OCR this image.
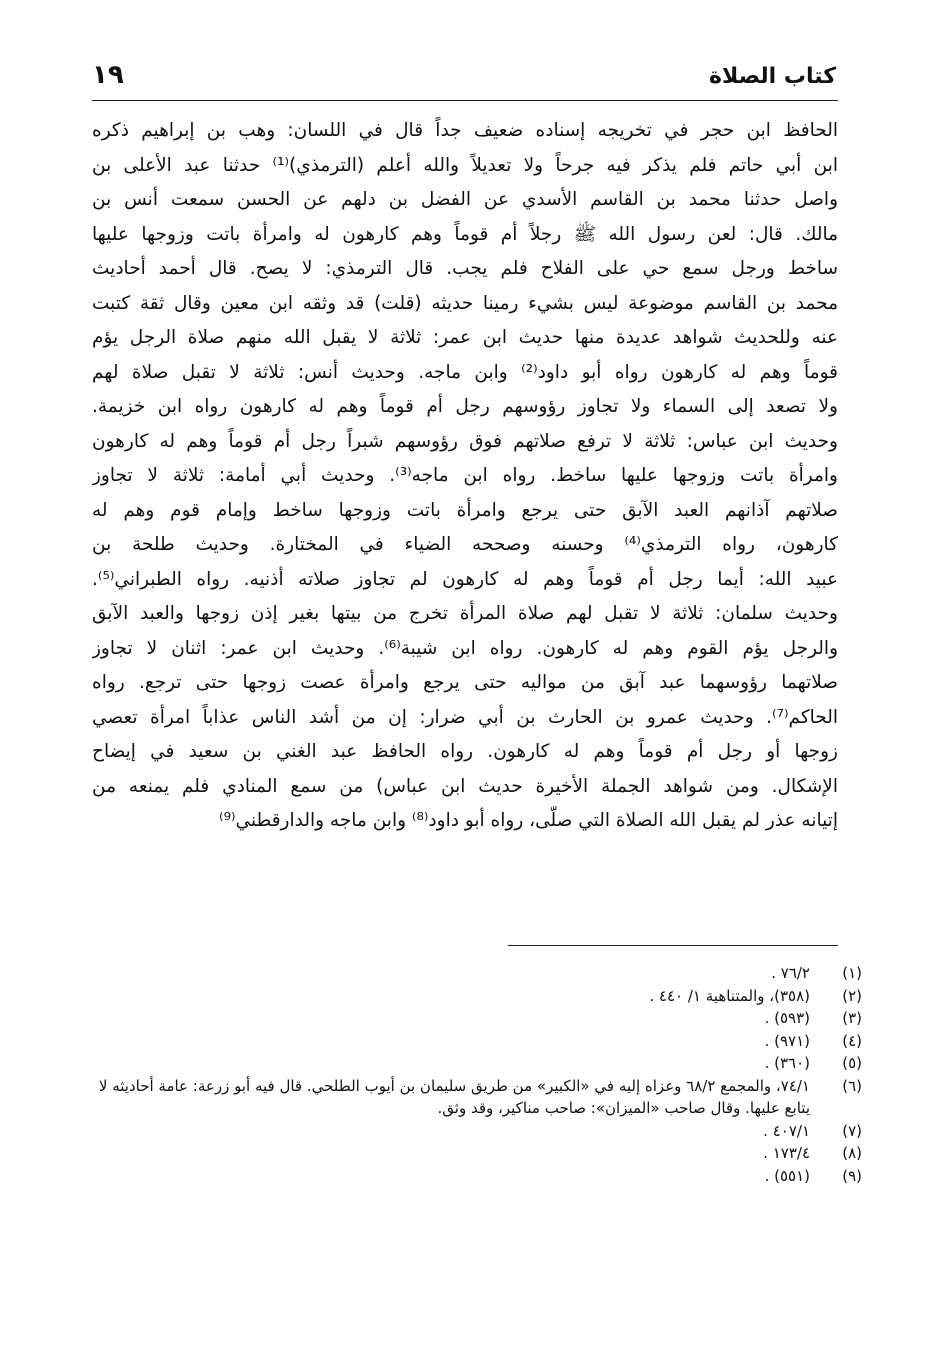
كتاب الصلاة
١٩
الحافظ ابن حجر في تخريجه إسناده ضعيف جداً قال في اللسان: وهب بن إبراهيم ذكره
ابن أبي حاتم فلم يذكر فيه جرحاً ولا تعديلاً والله أعلم (الترمذي)⁽¹⁾ حدثنا عبد الأعلى بن
واصل حدثنا محمد بن القاسم الأسدي عن الفضل بن دلهم عن الحسن سمعت أنس بن
مالك. قال: لعن رسول الله ﷺ رجلاً أم قوماً وهم كارهون له وامرأة باتت وزوجها عليها
ساخط ورجل سمع حي على الفلاح فلم يجب. قال الترمذي: لا يصح. قال أحمد أحاديث
محمد بن القاسم موضوعة ليس بشيء رمينا حديثه (قلت) قد وثقه ابن معين وقال ثقة كتبت
عنه وللحديث شواهد عديدة منها حديث ابن عمر: ثلاثة لا يقبل الله منهم صلاة الرجل يؤم
قوماً وهم له كارهون رواه أبو داود⁽²⁾ وابن ماجه. وحديث أنس: ثلاثة لا تقبل صلاة لهم
ولا تصعد إلى السماء ولا تجاوز رؤوسهم رجل أم قوماً وهم له كارهون رواه ابن خزيمة.
وحديث ابن عباس: ثلاثة لا ترفع صلاتهم فوق رؤوسهم شبراً رجل أم قوماً وهم له كارهون
وامرأة باتت وزوجها عليها ساخط. رواه ابن ماجه⁽³⁾. وحديث أبي أمامة: ثلاثة لا تجاوز
صلاتهم آذانهم العبد الآبق حتى يرجع وامرأة باتت وزوجها ساخط وإمام قوم وهم له
كارهون، رواه الترمذي⁽⁴⁾ وحسنه وصححه الضياء في المختارة. وحديث طلحة بن
عبيد الله: أيما رجل أم قوماً وهم له كارهون لم تجاوز صلاته أذنيه. رواه الطبراني⁽⁵⁾.
وحديث سلمان: ثلاثة لا تقبل لهم صلاة المرأة تخرج من بيتها بغير إذن زوجها والعبد الآبق
والرجل يؤم القوم وهم له كارهون. رواه ابن شيبة⁽⁶⁾. وحديث ابن عمر: اثنان لا تجاوز
صلاتهما رؤوسهما عبد آبق من مواليه حتى يرجع وامرأة عصت زوجها حتى ترجع. رواه
الحاكم⁽⁷⁾. وحديث عمرو بن الحارث بن أبي ضرار: إن من أشد الناس عذاباً امرأة تعصي
زوجها أو رجل أم قوماً وهم له كارهون. رواه الحافظ عبد الغني بن سعيد في إيضاح
الإشكال. ومن شواهد الجملة الأخيرة حديث ابن عباس) من سمع المنادي فلم يمنعه من
إتيانه عذر لم يقبل الله الصلاة التي صلّى، رواه أبو داود⁽⁸⁾ وابن ماجه والدارقطني⁽⁹⁾
(١)
٧٦/٢ .
(٢)
(٣٥٨)، والمتناهية ١/ ٤٤٠ .
(٣)
(٥٩٣) .
(٤)
(٩٧١) .
(٥)
(٣٦٠) .
(٦)
٧٤/١، والمجمع ٦٨/٢ وعزاه إليه في «الكبير» من طريق سليمان بن أيوب الطلحي. قال فيه أبو زرعة: عامة أحاديثه لا يتابع عليها. وقال صاحب «الميزان»: صاحب مناكير، وقد وثق.
(٧)
٤٠٧/١ .
(٨)
١٧٣/٤ .
(٩)
(٥٥١) .
